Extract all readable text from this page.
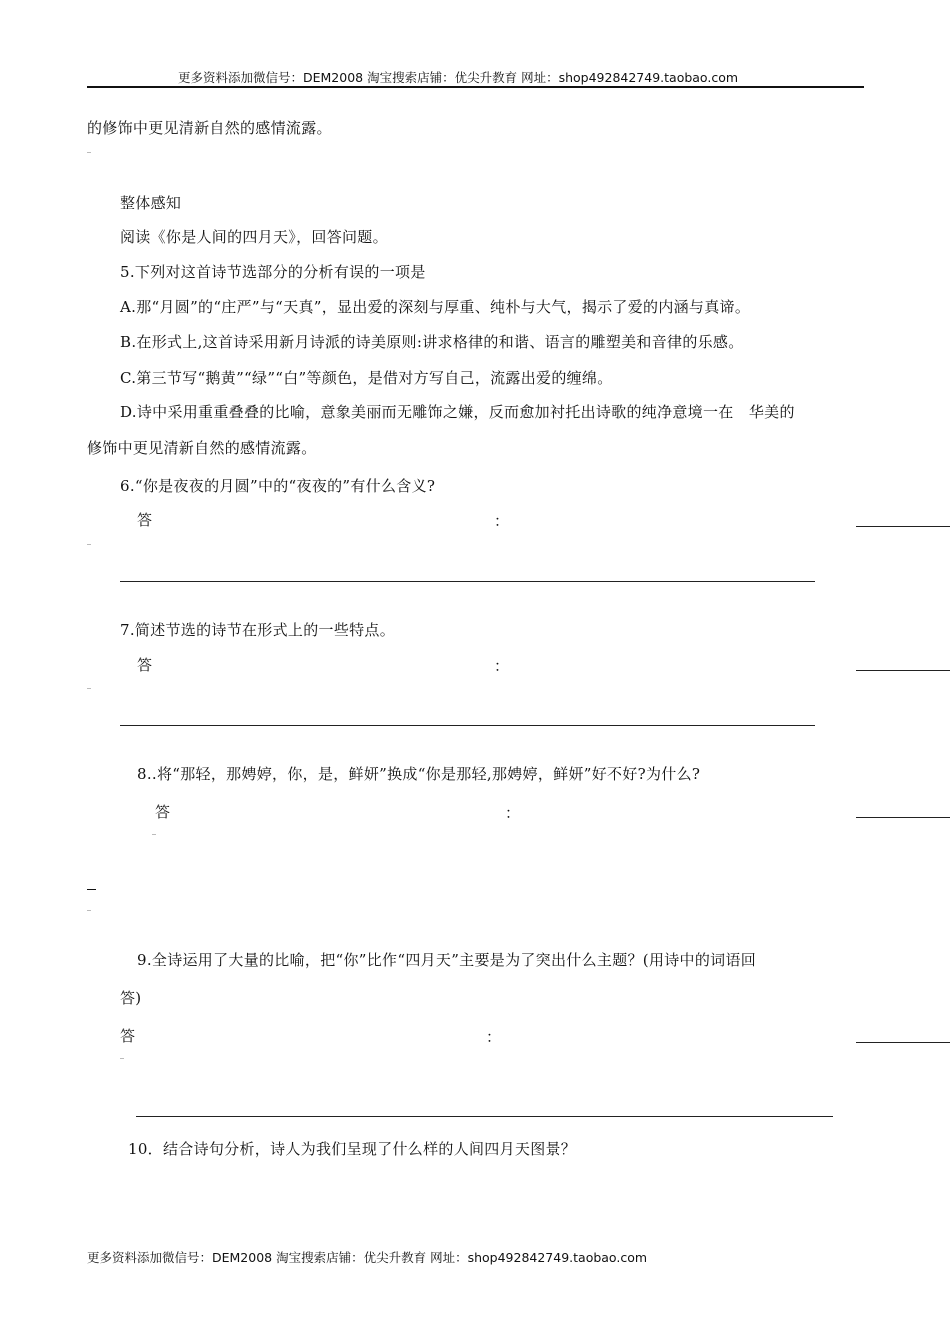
更多资料添加微信号：DEM2008 淘宝搜索店铺：优尖升教育 网址：shop492842749.taobao.com
的修饰中更见清新自然的感情流露。
整体感知
阅读《你是人间的四月天》，回答问题。
5.下列对这首诗节选部分的分析有误的一项是
A.那“月圆”的“庄严”与“天真”，显出爱的深刻与厚重、纯朴与大气，揭示了爱的内涵与真谛。
B.在形式上,这首诗采用新月诗派的诗美原则:讲求格律的和谐、语言的雕塑美和音律的乐感。
C.第三节写“鹅黄”“绿”“白”等颜色，是借对方写自己，流露出爱的缠绵。
D.诗中采用重重叠叠的比喻，意象美丽而无雕饰之嫌，反而愈加衬托出诗歌的纯净意境一在　华美的
修饰中更见清新自然的感情流露。
6.“你是夜夜的月圆”中的“夜夜的”有什么含义?
答	：
7.简述节选的诗节在形式上的一些特点。
答	：
8..将“那轻，那娉婷，你，是，鲜妍”换成“你是那轻,那娉婷，鲜妍”好不好?为什么?
答	：
9.全诗运用了大量的比喻，把“你”比作“四月天”主要是为了突出什么主题？(用诗中的词语回
答)
答	：
10．结合诗句分析，诗人为我们呈现了什么样的人间四月天图景？
更多资料添加微信号：DEM2008 淘宝搜索店铺：优尖升教育 网址：shop492842749.taobao.com
